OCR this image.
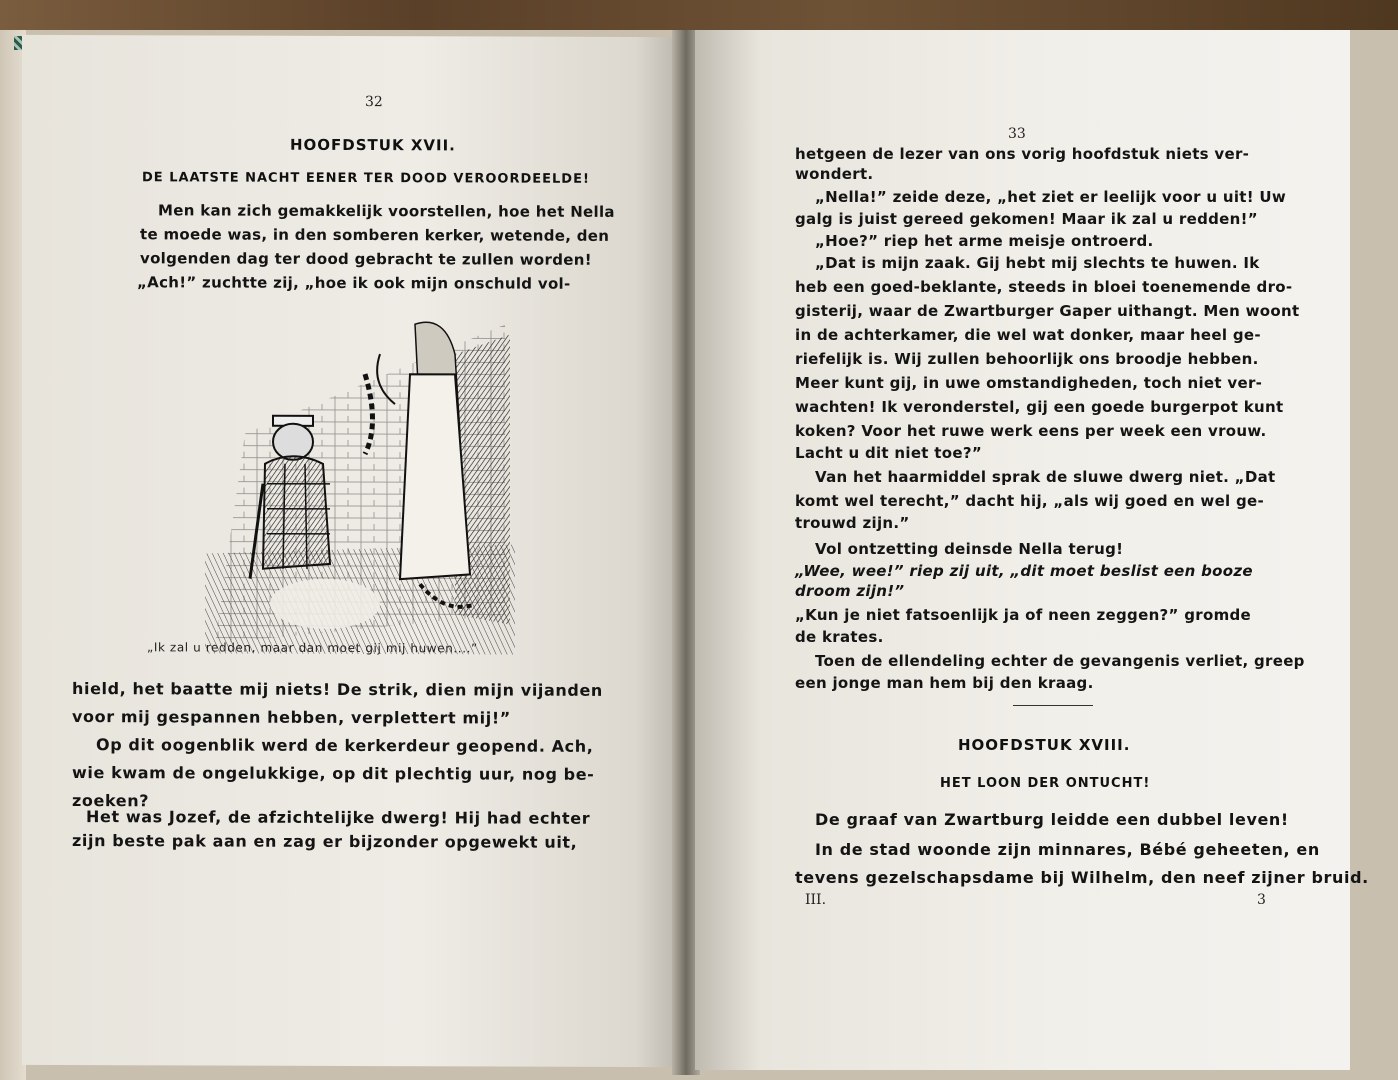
32
HOOFDSTUK XVII.
DE LAATSTE NACHT EENER TER DOOD VEROORDEELDE!
Men kan zich gemakkelijk voorstellen, hoe het Nella
te moede was, in den somberen kerker, wetende, den
volgenden dag ter dood gebracht te zullen worden!
„Ach!” zuchtte zij, „hoe ik ook mijn onschuld vol-
„Ik zal u redden, maar dan moet gij mij huwen....”
hield, het baatte mij niets! De strik, dien mijn vijanden
voor mij gespannen hebben, verplettert mij!”
Op dit oogenblik werd de kerkerdeur geopend. Ach,
wie kwam de ongelukkige, op dit plechtig uur, nog be-
zoeken?
Het was Jozef, de afzichtelijke dwerg! Hij had echter
zijn beste pak aan en zag er bijzonder opgewekt uit,
33
hetgeen de lezer van ons vorig hoofdstuk niets ver-
wondert.
„Nella!” zeide deze, „het ziet er leelijk voor u uit! Uw
galg is juist gereed gekomen! Maar ik zal u redden!”
„Hoe?” riep het arme meisje ontroerd.
„Dat is mijn zaak. Gij hebt mij slechts te huwen. Ik
heb een goed-beklante, steeds in bloei toenemende dro-
gisterij, waar de Zwartburger Gaper uithangt. Men woont
in de achterkamer, die wel wat donker, maar heel ge-
riefelijk is. Wij zullen behoorlijk ons broodje hebben.
Meer kunt gij, in uwe omstandigheden, toch niet ver-
wachten! Ik veronderstel, gij een goede burgerpot kunt
koken? Voor het ruwe werk eens per week een vrouw.
Lacht u dit niet toe?”
Van het haarmiddel sprak de sluwe dwerg niet. „Dat
komt wel terecht,” dacht hij, „als wij goed en wel ge-
trouwd zijn.”
Vol ontzetting deinsde Nella terug!
„Wee, wee!” riep zij uit, „dit moet beslist een booze
droom zijn!”
„Kun je niet fatsoenlijk ja of neen zeggen?” gromde
de krates.
Toen de ellendeling echter de gevangenis verliet, greep
een jonge man hem bij den kraag.
HOOFDSTUK XVIII.
HET LOON DER ONTUCHT!
De graaf van Zwartburg leidde een dubbel leven!
In de stad woonde zijn minnares, Bébé geheeten, en
tevens gezelschapsdame bij Wilhelm, den neef zijner bruid.
III.	3
